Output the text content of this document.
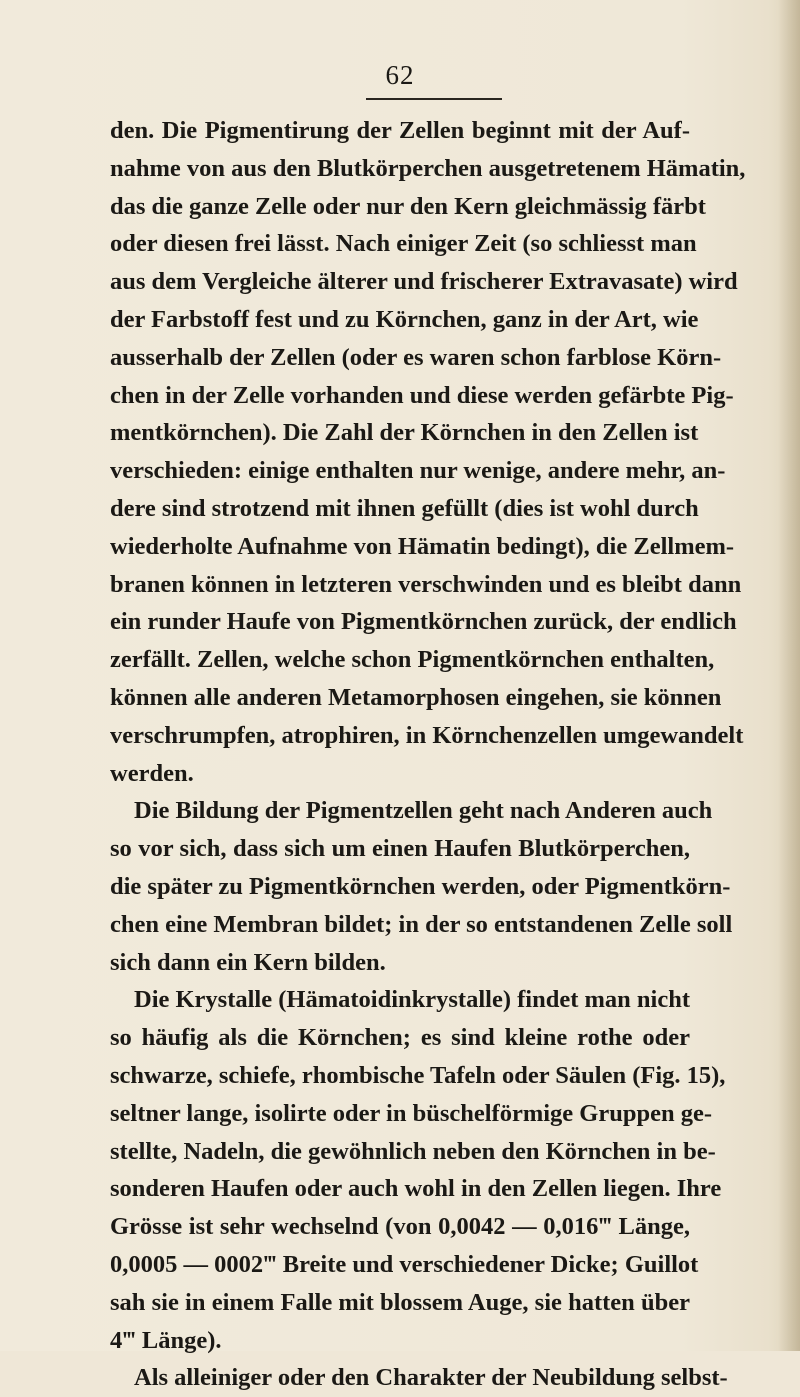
62
den. Die Pigmentirung der Zellen beginnt mit der Auf-
nahme von aus den Blutkörperchen ausgetretenem Hämatin,
das die ganze Zelle oder nur den Kern gleichmässig färbt
oder diesen frei lässt. Nach einiger Zeit (so schliesst man
aus dem Vergleiche älterer und frischerer Extravasate) wird
der Farbstoff fest und zu Körnchen, ganz in der Art, wie
ausserhalb der Zellen (oder es waren schon farblose Körn-
chen in der Zelle vorhanden und diese werden gefärbte Pig-
mentkörnchen). Die Zahl der Körnchen in den Zellen ist
verschieden: einige enthalten nur wenige, andere mehr, an-
dere sind strotzend mit ihnen gefüllt (dies ist wohl durch
wiederholte Aufnahme von Hämatin bedingt), die Zellmem-
branen können in letzteren verschwinden und es bleibt dann
ein runder Haufe von Pigmentkörnchen zurück, der endlich
zerfällt. Zellen, welche schon Pigmentkörnchen enthalten,
können alle anderen Metamorphosen eingehen, sie können
verschrumpfen, atrophiren, in Körnchenzellen umgewandelt
werden.
Die Bildung der Pigmentzellen geht nach Anderen auch
so vor sich, dass sich um einen Haufen Blutkörperchen,
die später zu Pigmentkörnchen werden, oder Pigmentkörn-
chen eine Membran bildet; in der so entstandenen Zelle soll
sich dann ein Kern bilden.
Die Krystalle (Hämatoidinkrystalle) findet man nicht
so häufig als die Körnchen; es sind kleine rothe oder
schwarze, schiefe, rhombische Tafeln oder Säulen (Fig. 15),
seltner lange, isolirte oder in büschelförmige Gruppen ge-
stellte, Nadeln, die gewöhnlich neben den Körnchen in be-
sonderen Haufen oder auch wohl in den Zellen liegen. Ihre
Grösse ist sehr wechselnd (von 0,0042 — 0,016‴ Länge,
0,0005 — 0002‴ Breite und verschiedener Dicke; Guillot
sah sie in einem Falle mit blossem Auge, sie hatten über
4‴ Länge).
Als alleiniger oder den Charakter der Neubildung selbst-
